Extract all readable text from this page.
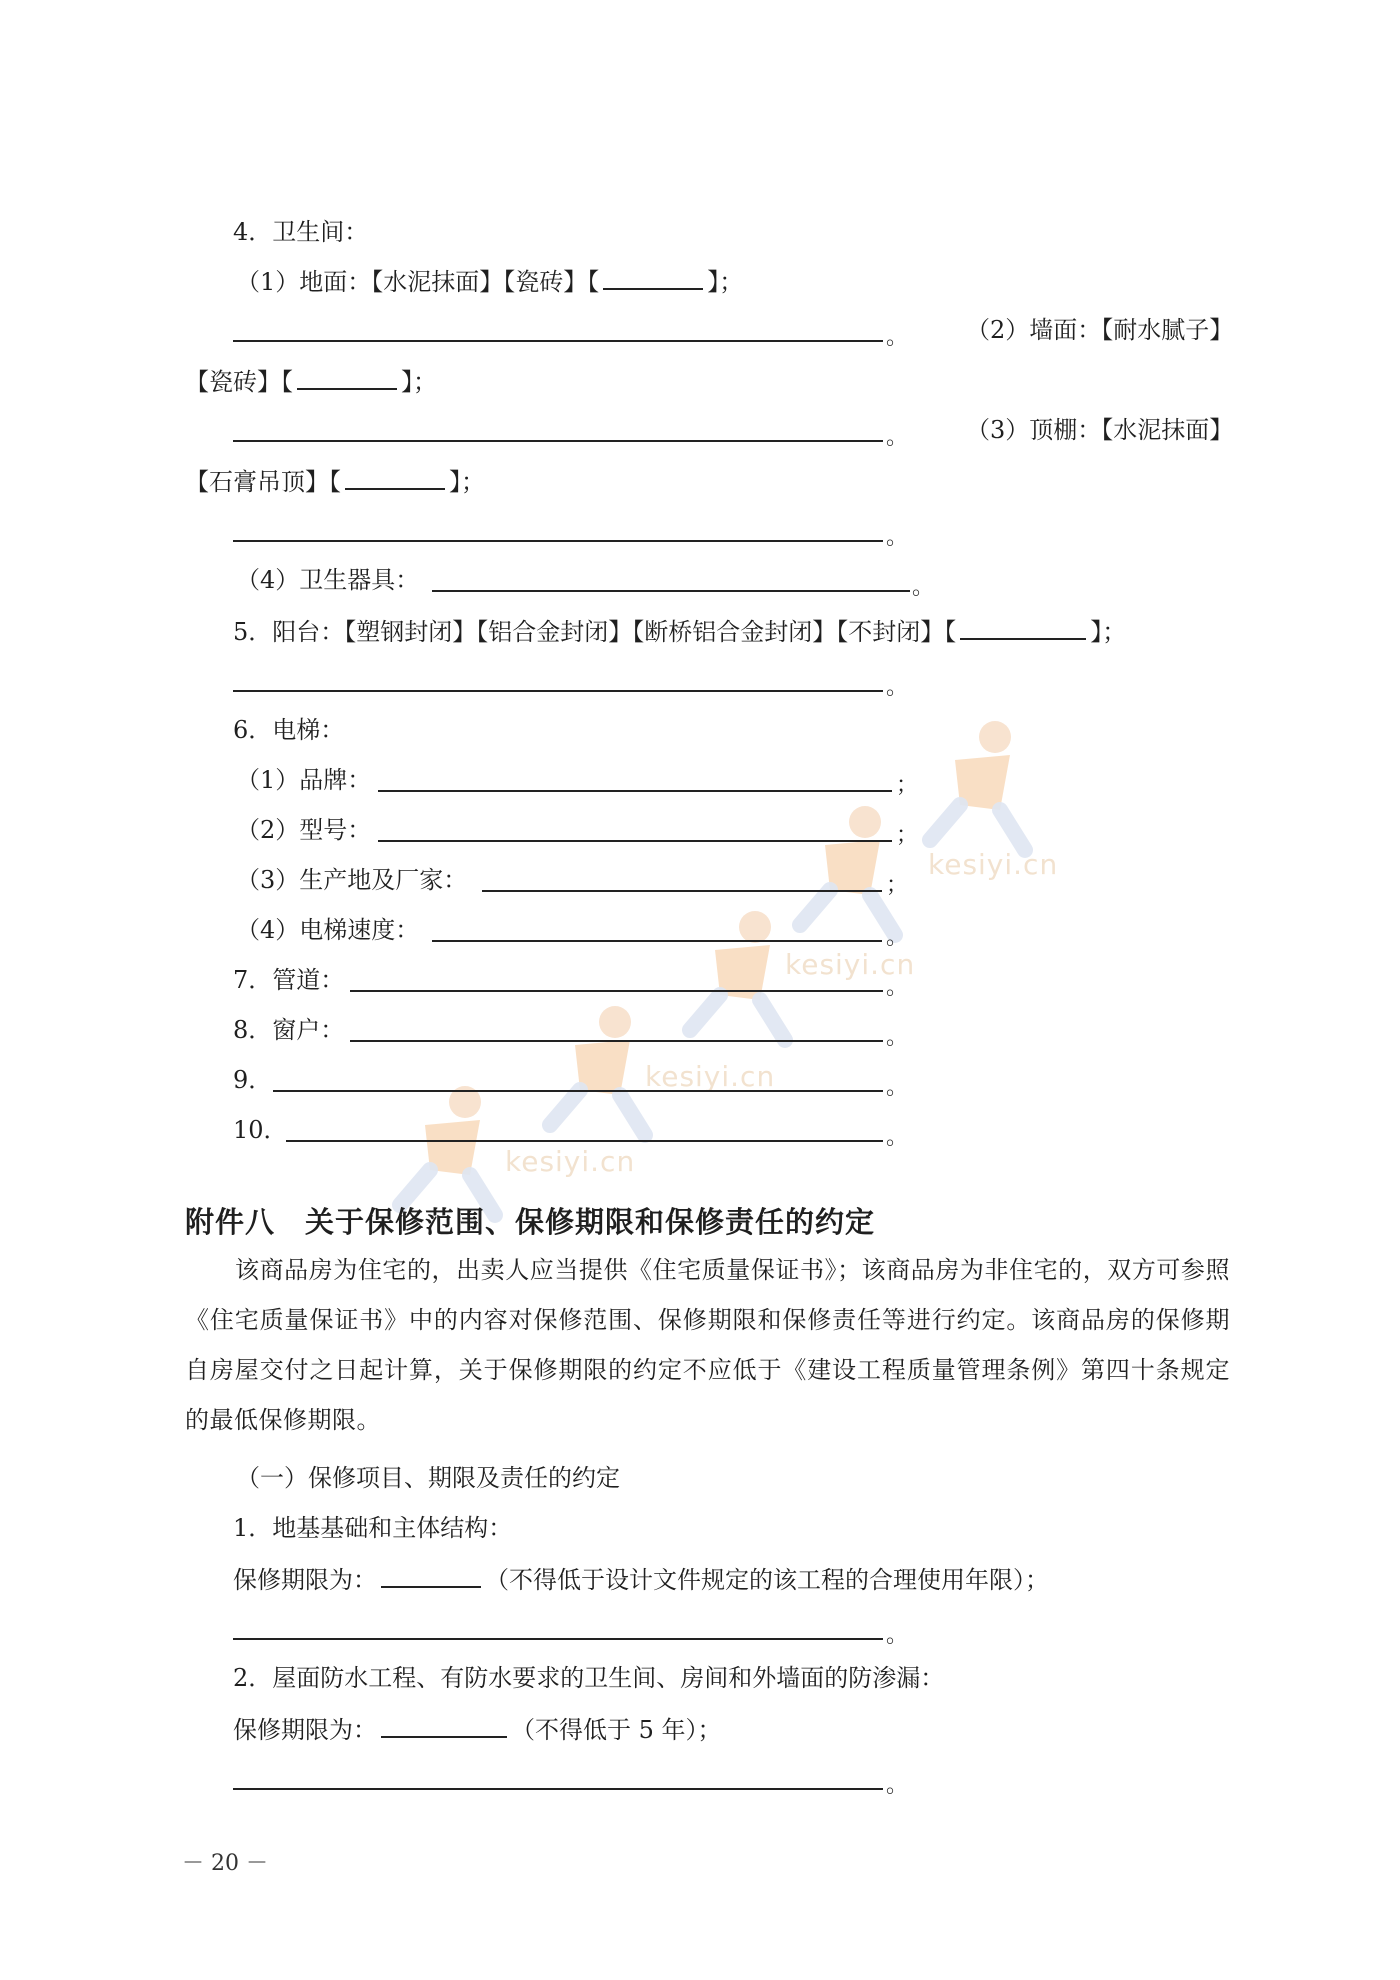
kesiyi.cn
kesiyi.cn
kesiyi.cn
kesiyi.cn
4．卫生间：
（1）地面：【水泥抹面】【瓷砖】【	】；
。 （2）墙面：【耐水腻子】
【瓷砖】【	】；
。 （3）顶棚：【水泥抹面】
【石膏吊顶】【	】；
。
（4）卫生器具：	。
5．阳台：【塑钢封闭】【铝合金封闭】【断桥铝合金封闭】【不封闭】【	】；
。
6．电梯：
（1）品牌：	；
（2）型号：	；
（3）生产地及厂家：	；
（4）电梯速度：	。
7．管道：	。
8．窗户：	。
9．	。
10．	。
附件八　关于保修范围、保修期限和保修责任的约定
该商品房为住宅的，出卖人应当提供《住宅质量保证书》；该商品房为非住宅的，双方可参照《住宅质量保证书》中的内容对保修范围、保修期限和保修责任等进行约定。该商品房的保修期自房屋交付之日起计算，关于保修期限的约定不应低于《建设工程质量管理条例》第四十条规定的最低保修期限。
（一）保修项目、期限及责任的约定
1．地基基础和主体结构：
保修期限为：	（不得低于设计文件规定的该工程的合理使用年限）；
。
2．屋面防水工程、有防水要求的卫生间、房间和外墙面的防渗漏：
保修期限为：	（不得低于 5 年）；
。
－ 20 －
